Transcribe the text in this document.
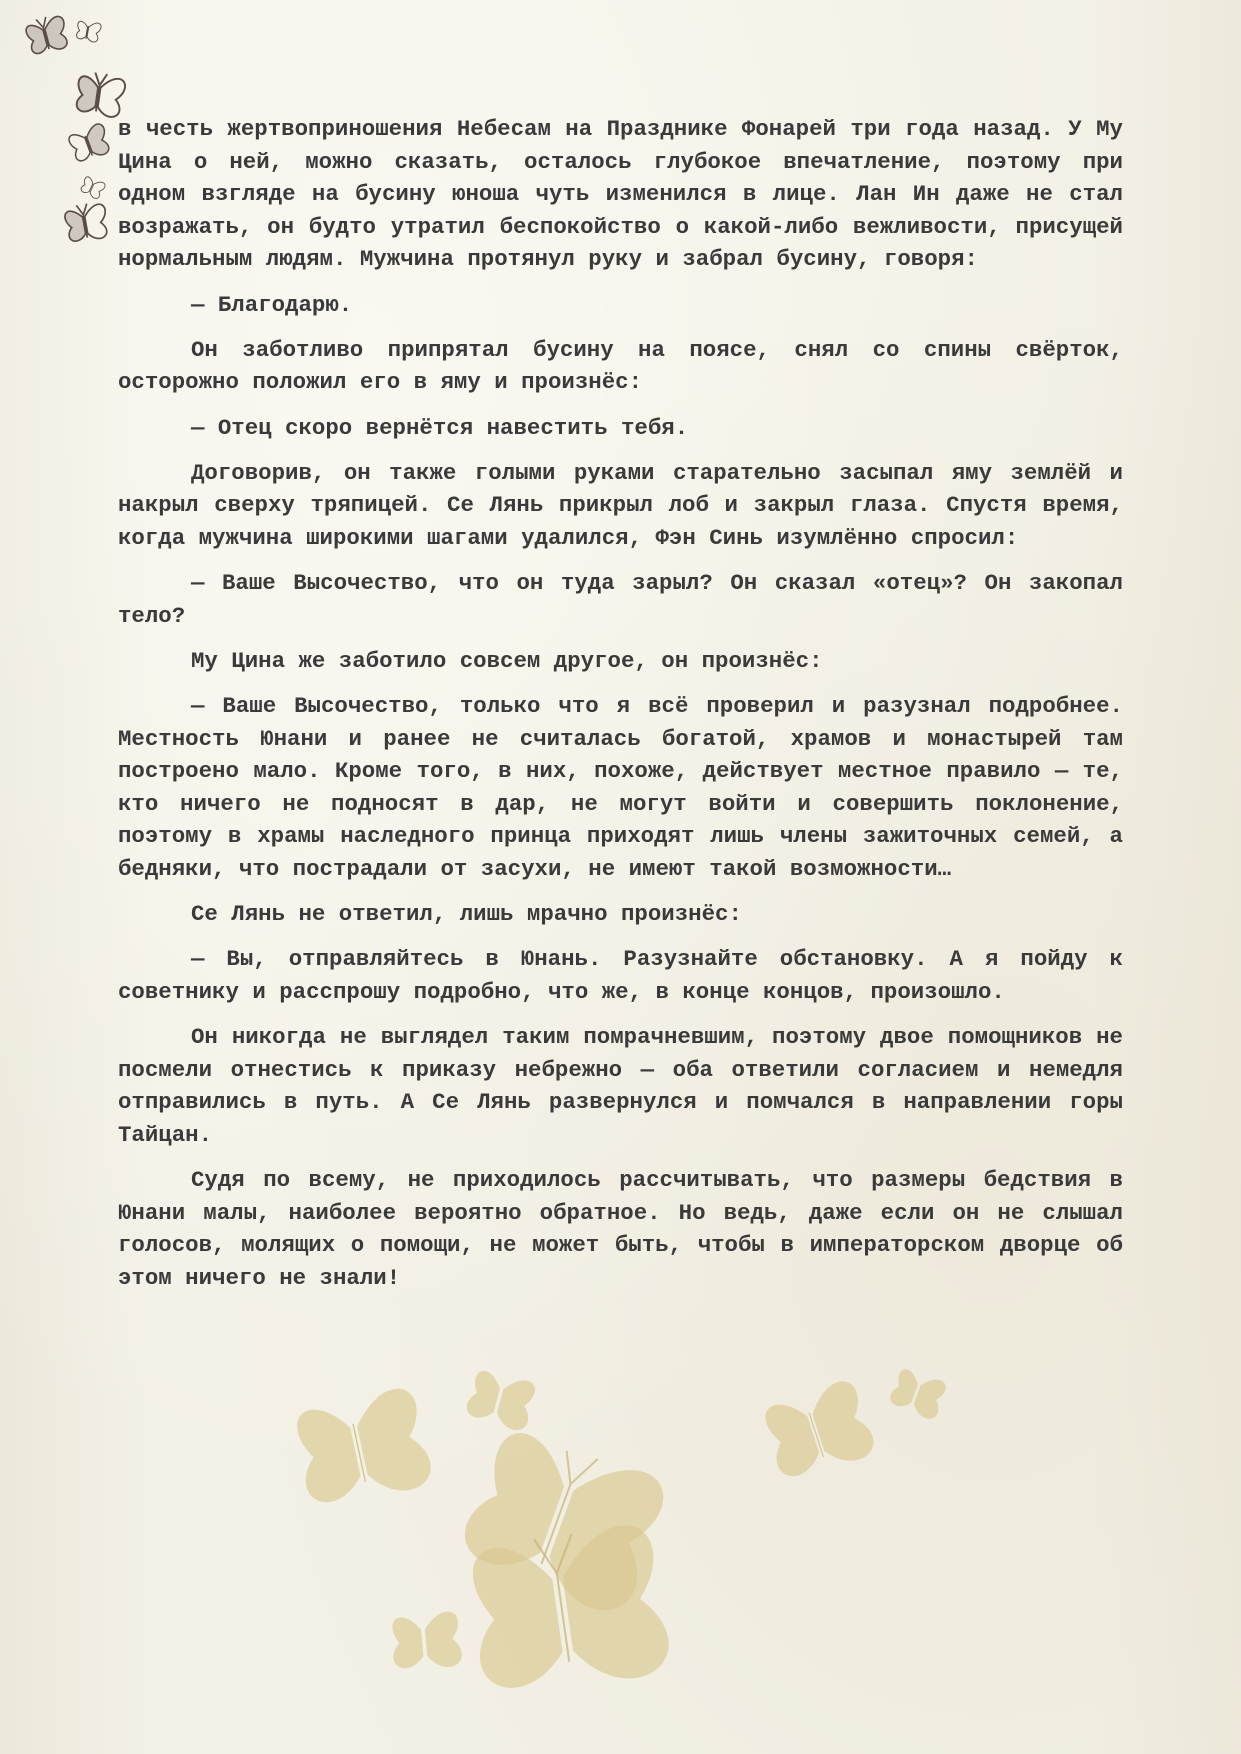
в честь жертвоприношения Небесам на Празднике Фонарей три года назад. У Му Цина о ней, можно сказать, осталось глубокое впечатление, поэтому при одном взгляде на бусину юноша чуть изменился в лице. Лан Ин даже не стал возражать, он будто утратил беспокойство о какой-либо вежливости, присущей нормальным людям. Мужчина протянул руку и забрал бусину, говоря:

— Благодарю.

Он заботливо припрятал бусину на поясе, снял со спины свёрток, осторожно положил его в яму и произнёс:

— Отец скоро вернётся навестить тебя.

Договорив, он также голыми руками старательно засыпал яму землёй и накрыл сверху тряпицей. Се Лянь прикрыл лоб и закрыл глаза. Спустя время, когда мужчина широкими шагами удалился, Фэн Синь изумлённо спросил:

— Ваше Высочество, что он туда зарыл? Он сказал «отец»? Он закопал тело?

Му Цина же заботило совсем другое, он произнёс:

— Ваше Высочество, только что я всё проверил и разузнал подробнее. Местность Юнани и ранее не считалась богатой, храмов и монастырей там построено мало. Кроме того, в них, похоже, действует местное правило — те, кто ничего не подносят в дар, не могут войти и совершить поклонение, поэтому в храмы наследного принца приходят лишь члены зажиточных семей, а бедняки, что пострадали от засухи, не имеют такой возможности…

Се Лянь не ответил, лишь мрачно произнёс:

— Вы, отправляйтесь в Юнань. Разузнайте обстановку. А я пойду к советнику и расспрошу подробно, что же, в конце концов, произошло.

Он никогда не выглядел таким помрачневшим, поэтому двое помощников не посмели отнестись к приказу небрежно — оба ответили согласием и немедля отправились в путь. А Се Лянь развернулся и помчался в направлении горы Тайцан.

Судя по всему, не приходилось рассчитывать, что размеры бедствия в Юнани малы, наиболее вероятно обратное. Но ведь, даже если он не слышал голосов, молящих о помощи, не может быть, чтобы в императорском дворце об этом ничего не знали!
